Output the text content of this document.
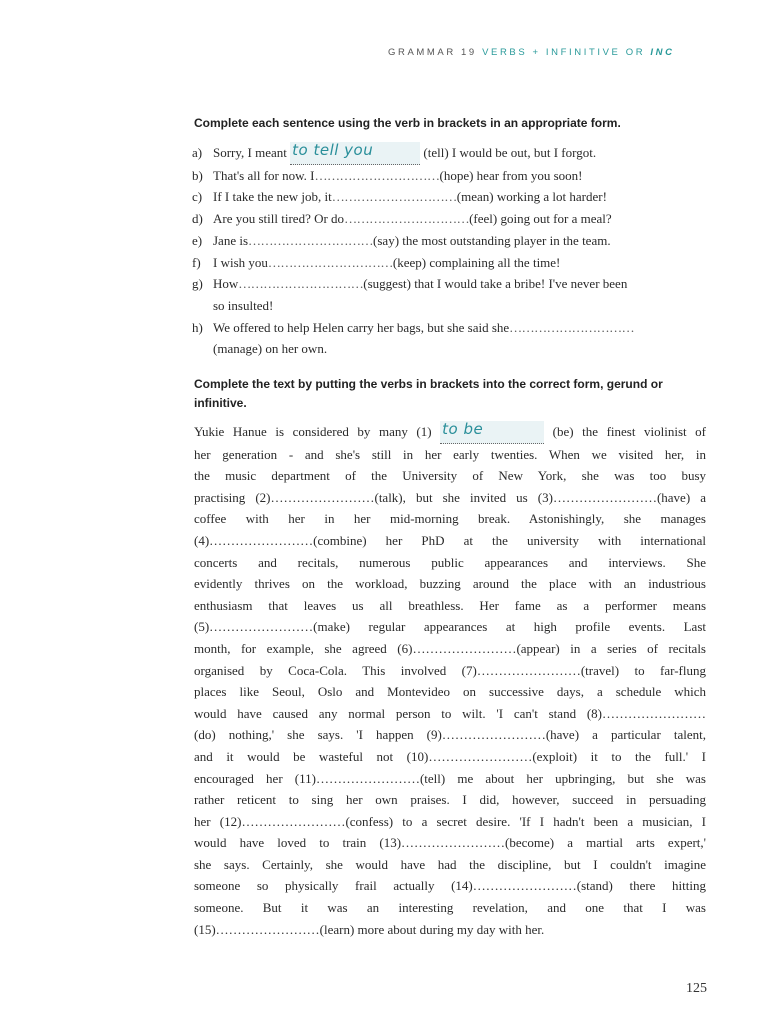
GRAMMAR 19 VERBS + INFINITIVE OR INC
Complete each sentence using the verb in brackets in an appropriate form.
a) Sorry, I meant to tell you	(tell) I would be out, but I forgot.
b) That's all for now. I ………………………… (hope) hear from you soon!
c) If I take the new job, it ………………………… (mean) working a lot harder!
d) Are you still tired? Or do ………………………… (feel) going out for a meal?
e) Jane is ………………………… (say) the most outstanding player in the team.
f) I wish you ………………………… (keep) complaining all the time!
g) How ………………………… (suggest) that I would take a bribe! I've never been
so insulted!
h) We offered to help Helen carry her bags, but she said she …………………………
(manage) on her own.
Complete the text by putting the verbs in brackets into the correct form, gerund or infinitive.
Yukie Hanue is considered by many (1) to be	(be) the finest violinist of
her generation - and she's still in her early twenties. When we visited her, in
the music department of the University of New York, she was too busy
practising (2)……………………(talk), but she invited us (3)……………………(have) a
coffee with her in her mid-morning break. Astonishingly, she manages
(4)……………………(combine) her PhD at the university with international
concerts and recitals, numerous public appearances and interviews. She
evidently thrives on the workload, buzzing around the place with an industrious
enthusiasm that leaves us all breathless. Her fame as a performer means
(5)……………………(make) regular appearances at high profile events. Last
month, for example, she agreed (6)……………………(appear) in a series of recitals
organised by Coca-Cola. This involved (7)……………………(travel) to far-flung
places like Seoul, Oslo and Montevideo on successive days, a schedule which
would have caused any normal person to wilt. 'I can't stand (8)……………………
(do) nothing,' she says. 'I happen (9)……………………(have) a particular talent,
and it would be wasteful not (10)……………………(exploit) it to the full.' I
encouraged her (11)……………………(tell) me about her upbringing, but she was
rather reticent to sing her own praises. I did, however, succeed in persuading
her (12)……………………(confess) to a secret desire. 'If I hadn't been a musician, I
would have loved to train (13)……………………(become) a martial arts expert,'
she says. Certainly, she would have had the discipline, but I couldn't imagine
someone so physically frail actually (14)……………………(stand) there hitting
someone. But it was an interesting revelation, and one that I was
(15)……………………(learn) more about during my day with her.
125
